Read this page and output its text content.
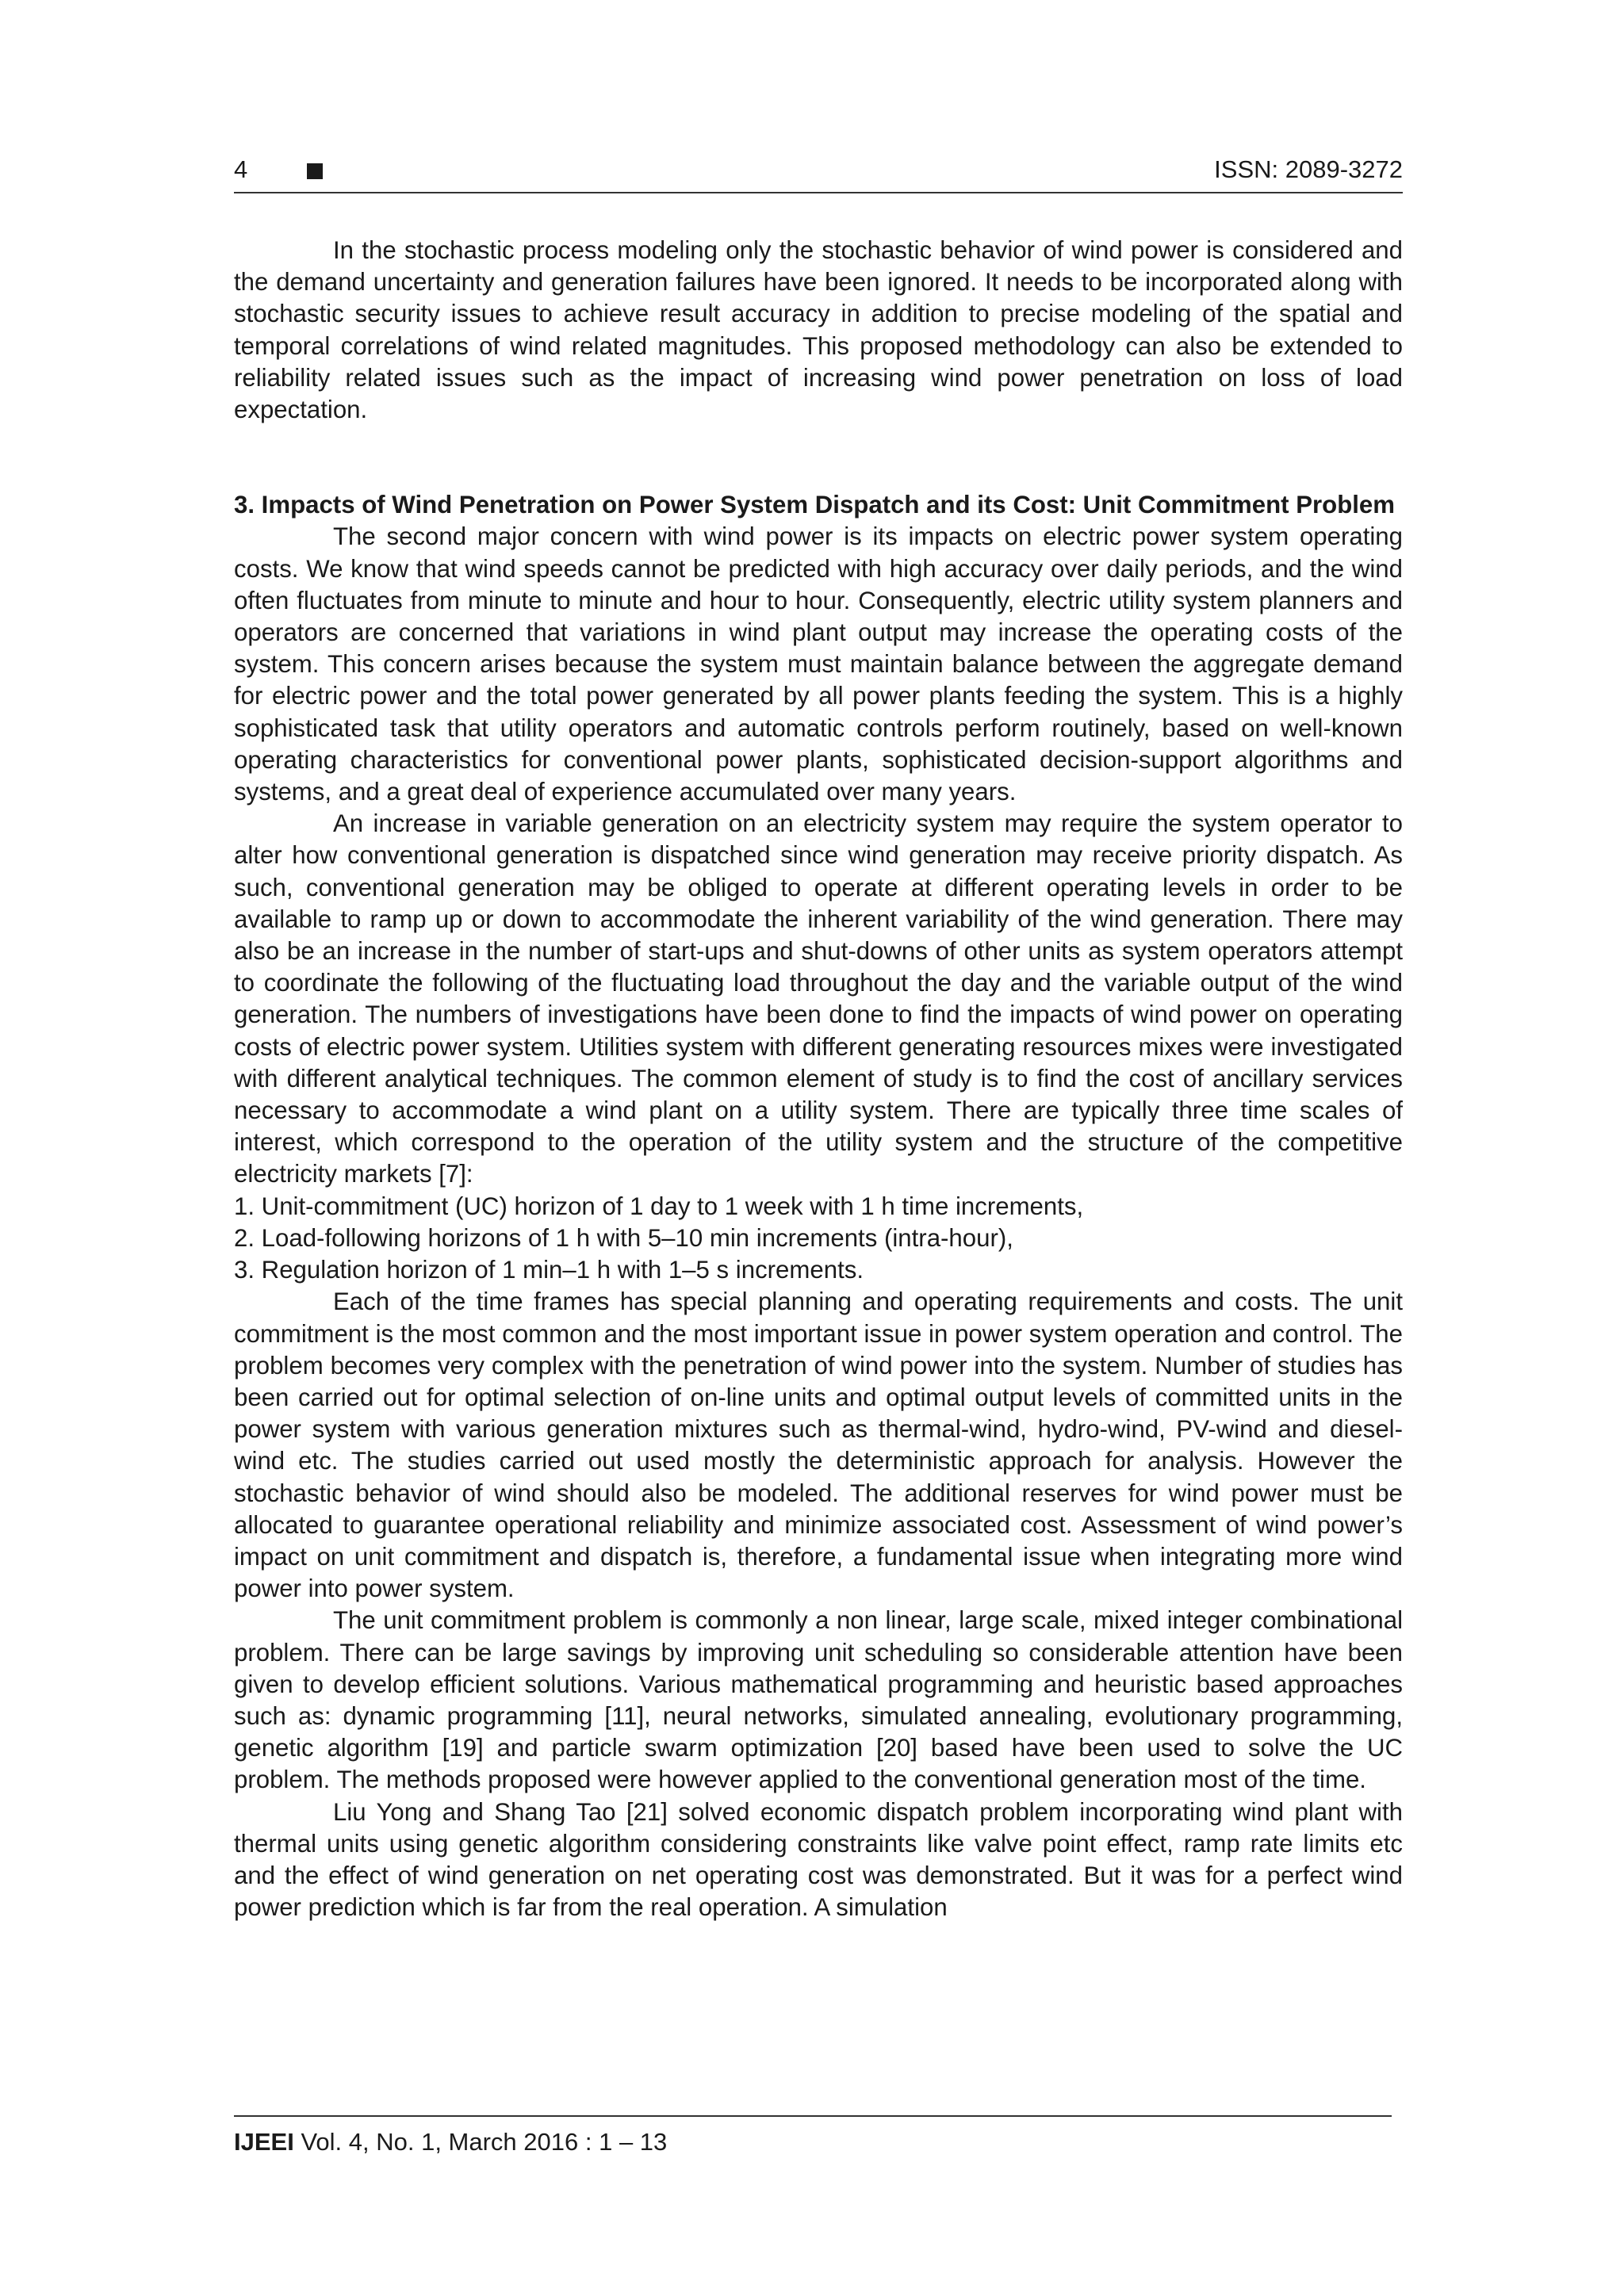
4	ISSN: 2089-3272

In the stochastic process modeling only the stochastic behavior of wind power is considered and the demand uncertainty and generation failures have been ignored. It needs to be incorporated along with stochastic security issues to achieve result accuracy in addition to precise modeling of the spatial and temporal correlations of wind related magnitudes. This proposed methodology can also be extended to reliability related issues such as the impact of increasing wind power penetration on loss of load expectation.

3. Impacts of Wind Penetration on Power System Dispatch and its Cost: Unit Commitment Problem

The second major concern with wind power is its impacts on electric power system operating costs. We know that wind speeds cannot be predicted with high accuracy over daily periods, and the wind often fluctuates from minute to minute and hour to hour. Consequently, electric utility system planners and operators are concerned that variations in wind plant output may increase the operating costs of the system. This concern arises because the system must maintain balance between the aggregate demand for electric power and the total power generated by all power plants feeding the system. This is a highly sophisticated task that utility operators and automatic controls perform routinely, based on well-known operating characteristics for conventional power plants, sophisticated decision-support algorithms and systems, and a great deal of experience accumulated over many years.

An increase in variable generation on an electricity system may require the system operator to alter how conventional generation is dispatched since wind generation may receive priority dispatch. As such, conventional generation may be obliged to operate at different operating levels in order to be available to ramp up or down to accommodate the inherent variability of the wind generation. There may also be an increase in the number of start-ups and shut-downs of other units as system operators attempt to coordinate the following of the fluctuating load throughout the day and the variable output of the wind generation. The numbers of investigations have been done to find the impacts of wind power on operating costs of electric power system. Utilities system with different generating resources mixes were investigated with different analytical techniques. The common element of study is to find the cost of ancillary services necessary to accommodate a wind plant on a utility system. There are typically three time scales of interest, which correspond to the operation of the utility system and the structure of the competitive electricity markets [7]:

1. Unit-commitment (UC) horizon of 1 day to 1 week with 1 h time increments,
2. Load-following horizons of 1 h with 5–10 min increments (intra-hour),
3. Regulation horizon of 1 min–1 h with 1–5 s increments.

Each of the time frames has special planning and operating requirements and costs. The unit commitment is the most common and the most important issue in power system operation and control. The problem becomes very complex with the penetration of wind power into the system. Number of studies has been carried out for optimal selection of on-line units and optimal output levels of committed units in the power system with various generation mixtures such as thermal-wind, hydro-wind, PV-wind and diesel-wind etc. The studies carried out used mostly the deterministic approach for analysis. However the stochastic behavior of wind should also be modeled. The additional reserves for wind power must be allocated to guarantee operational reliability and minimize associated cost. Assessment of wind power’s impact on unit commitment and dispatch is, therefore, a fundamental issue when integrating more wind power into power system.

The unit commitment problem is commonly a non linear, large scale, mixed integer combinational problem. There can be large savings by improving unit scheduling so considerable attention have been given to develop efficient solutions. Various mathematical programming and heuristic based approaches such as: dynamic programming [11], neural networks, simulated annealing, evolutionary programming, genetic algorithm [19] and particle swarm optimization [20] based have been used to solve the UC problem. The methods proposed were however applied to the conventional generation most of the time.

Liu Yong and Shang Tao [21] solved economic dispatch problem incorporating wind plant with thermal units using genetic algorithm considering constraints like valve point effect, ramp rate limits etc and the effect of wind generation on net operating cost was demonstrated. But it was for a perfect wind power prediction which is far from the real operation. A simulation

IJEEI Vol. 4, No. 1, March 2016 : 1 – 13
